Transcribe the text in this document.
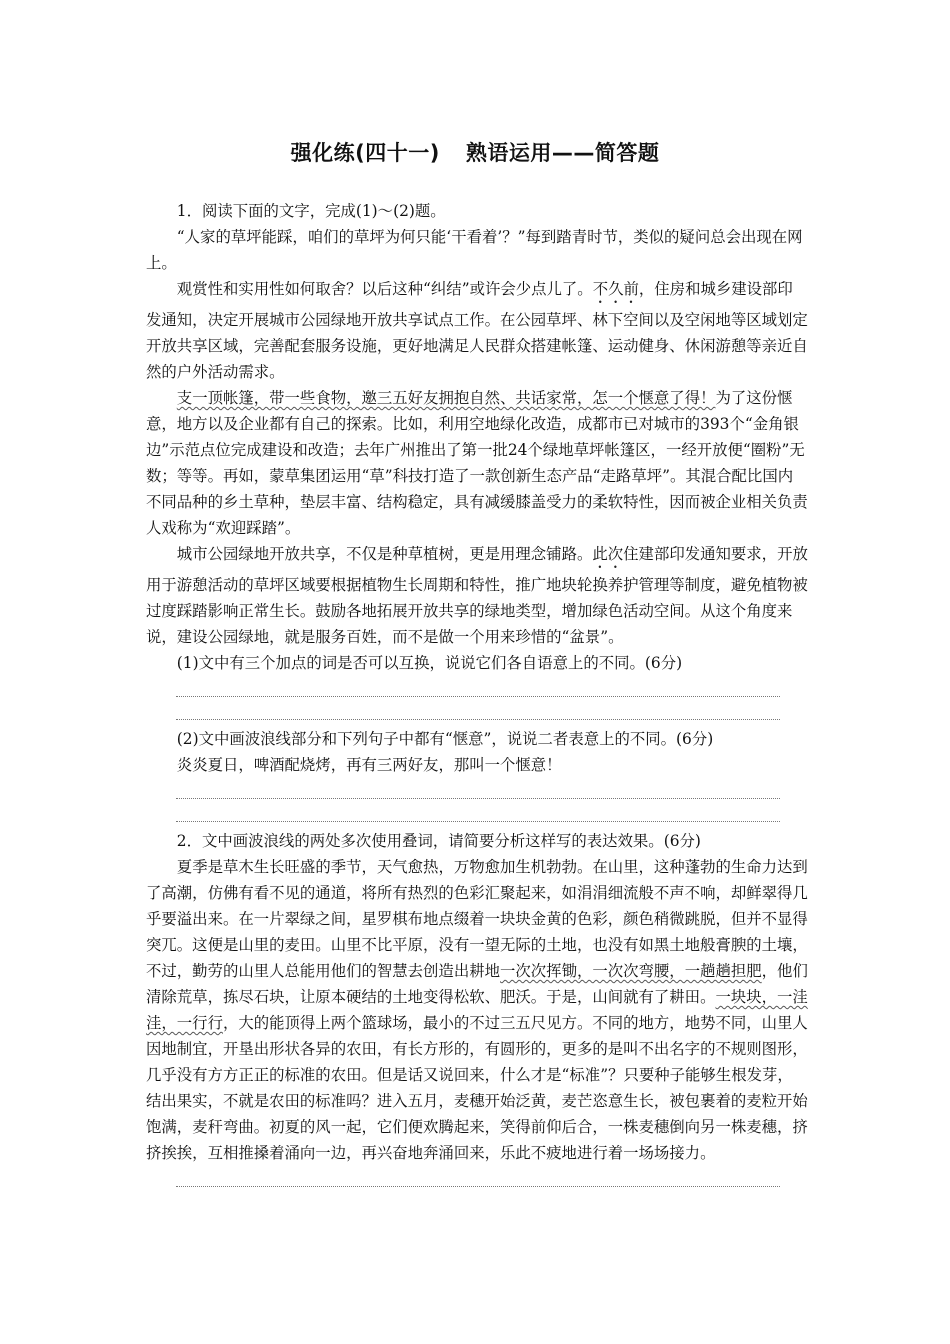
强化练(四十一) 熟语运用——简答题

1．阅读下面的文字，完成(1)～(2)题。

“人家的草坪能踩，咱们的草坪为何只能‘干看着’？”每到踏青时节，类似的疑问总会出现在网上。

观赏性和实用性如何取舍？以后这种“纠结”或许会少点儿了。不久前，住房和城乡建设部印发通知，决定开展城市公园绿地开放共享试点工作。在公园草坪、林下空间以及空闲地等区域划定开放共享区域，完善配套服务设施，更好地满足人民群众搭建帐篷、运动健身、休闲游憩等亲近自然的户外活动需求。

支一顶帐篷，带一些食物，邀三五好友拥抱自然、共话家常，怎一个惬意了得！为了这份惬意，地方以及企业都有自己的探索。比如，利用空地绿化改造，成都市已对城市的393个“金角银边”示范点位完成建设和改造；去年广州推出了第一批24个绿地草坪帐篷区，一经开放便“圈粉”无数；等等。再如，蒙草集团运用“草”科技打造了一款创新生态产品“走路草坪”。其混合配比国内不同品种的乡土草种，垫层丰富、结构稳定，具有减缓膝盖受力的柔软特性，因而被企业相关负责人戏称为“欢迎踩踏”。

城市公园绿地开放共享，不仅是种草植树，更是用理念铺路。此次住建部印发通知要求，开放用于游憩活动的草坪区域要根据植物生长周期和特性，推广地块轮换养护管理等制度，避免植物被过度踩踏影响正常生长。鼓励各地拓展开放共享的绿地类型，增加绿色活动空间。从这个角度来说，建设公园绿地，就是服务百姓，而不是做一个用来珍惜的“盆景”。

(1)文中有三个加点的词是否可以互换，说说它们各自语意上的不同。(6分)

(2)文中画波浪线部分和下列句子中都有“惬意”，说说二者表意上的不同。(6分)

炎炎夏日，啤酒配烧烤，再有三两好友，那叫一个惬意！

2．文中画波浪线的两处多次使用叠词，请简要分析这样写的表达效果。(6分)

夏季是草木生长旺盛的季节，天气愈热，万物愈加生机勃勃。在山里，这种蓬勃的生命力达到了高潮，仿佛有看不见的通道，将所有热烈的色彩汇聚起来，如涓涓细流般不声不响，却鲜翠得几乎要溢出来。在一片翠绿之间，星罗棋布地点缀着一块块金黄的色彩，颜色稍微跳脱，但并不显得突兀。这便是山里的麦田。山里不比平原，没有一望无际的土地，也没有如黑土地般膏腴的土壤，不过，勤劳的山里人总能用他们的智慧去创造出耕地一次次挥锄，一次次弯腰，一趟趟担肥，他们清除荒草，拣尽石块，让原本硬结的土地变得松软、肥沃。于是，山间就有了耕田。一块块，一洼洼，一行行，大的能顶得上两个篮球场，最小的不过三五尺见方。不同的地方，地势不同，山里人因地制宜，开垦出形状各异的农田，有长方形的，有圆形的，更多的是叫不出名字的不规则图形，几乎没有方方正正的标准的农田。但是话又说回来，什么才是“标准”？只要种子能够生根发芽，结出果实，不就是农田的标准吗？进入五月，麦穗开始泛黄，麦芒恣意生长，被包裹着的麦粒开始饱满，麦秆弯曲。初夏的风一起，它们便欢腾起来，笑得前仰后合，一株麦穗倒向另一株麦穗，挤挤挨挨，互相推搡着涌向一边，再兴奋地奔涌回来，乐此不疲地进行着一场场接力。
